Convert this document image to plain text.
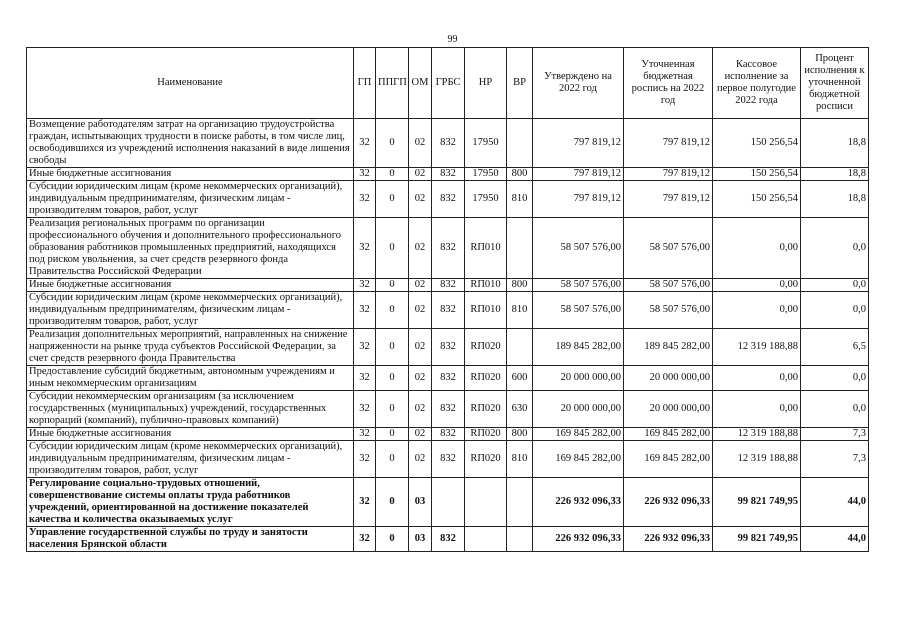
99
Наименование	ГП	ППГП	ОМ	ГРБС	НР	ВР	Утверждено на 2022 год	Уточненная бюджетная роспись на 2022 год	Кассовое исполнение за первое полугодие 2022 года	Процент исполнения к уточненной бюджетной росписи
Возмещение работодателям затрат на организацию трудоустройства граждан, испытывающих трудности в поиске работы, в том числе лиц, освободившихся из учреждений исполнения наказаний в виде лишения свободы	32	0	02	832	17950		797 819,12	797 819,12	150 256,54	18,8
Иные бюджетные ассигнования	32	0	02	832	17950	800	797 819,12	797 819,12	150 256,54	18,8
Субсидии юридическим лицам (кроме некоммерческих организаций), индивидуальным предпринимателям, физическим лицам - производителям товаров, работ, услуг	32	0	02	832	17950	810	797 819,12	797 819,12	150 256,54	18,8
Реализация региональных программ по организации профессионального обучения и дополнительного профессионального образования работников промышленных предприятий, находящихся под риском увольнения, за счет средств резервного фонда Правительства Российской Федерации	32	0	02	832	RП010		58 507 576,00	58 507 576,00	0,00	0,0
Иные бюджетные ассигнования	32	0	02	832	RП010	800	58 507 576,00	58 507 576,00	0,00	0,0
Субсидии юридическим лицам (кроме некоммерческих организаций), индивидуальным предпринимателям, физическим лицам - производителям товаров, работ, услуг	32	0	02	832	RП010	810	58 507 576,00	58 507 576,00	0,00	0,0
Реализация дополнительных мероприятий, направленных на снижение напряженности на рынке труда субъектов Российской Федерации, за счет средств резервного фонда Правительства	32	0	02	832	RП020		189 845 282,00	189 845 282,00	12 319 188,88	6,5
Предоставление субсидий бюджетным, автономным учреждениям и иным некоммерческим организациям	32	0	02	832	RП020	600	20 000 000,00	20 000 000,00	0,00	0,0
Субсидии некоммерческим организациям (за исключением государственных (муниципальных) учреждений, государственных корпораций (компаний), публично-правовых компаний)	32	0	02	832	RП020	630	20 000 000,00	20 000 000,00	0,00	0,0
Иные бюджетные ассигнования	32	0	02	832	RП020	800	169 845 282,00	169 845 282,00	12 319 188,88	7,3
Субсидии юридическим лицам (кроме некоммерческих организаций), индивидуальным предпринимателям, физическим лицам - производителям товаров, работ, услуг	32	0	02	832	RП020	810	169 845 282,00	169 845 282,00	12 319 188,88	7,3
Регулирование социально-трудовых отношений, совершенствование системы оплаты труда работников учреждений, ориентированной на достижение показателей качества и количества оказываемых услуг	32	0	03				226 932 096,33	226 932 096,33	99 821 749,95	44,0
Управление государственной службы по труду и занятости населения Брянской области	32	0	03	832			226 932 096,33	226 932 096,33	99 821 749,95	44,0
